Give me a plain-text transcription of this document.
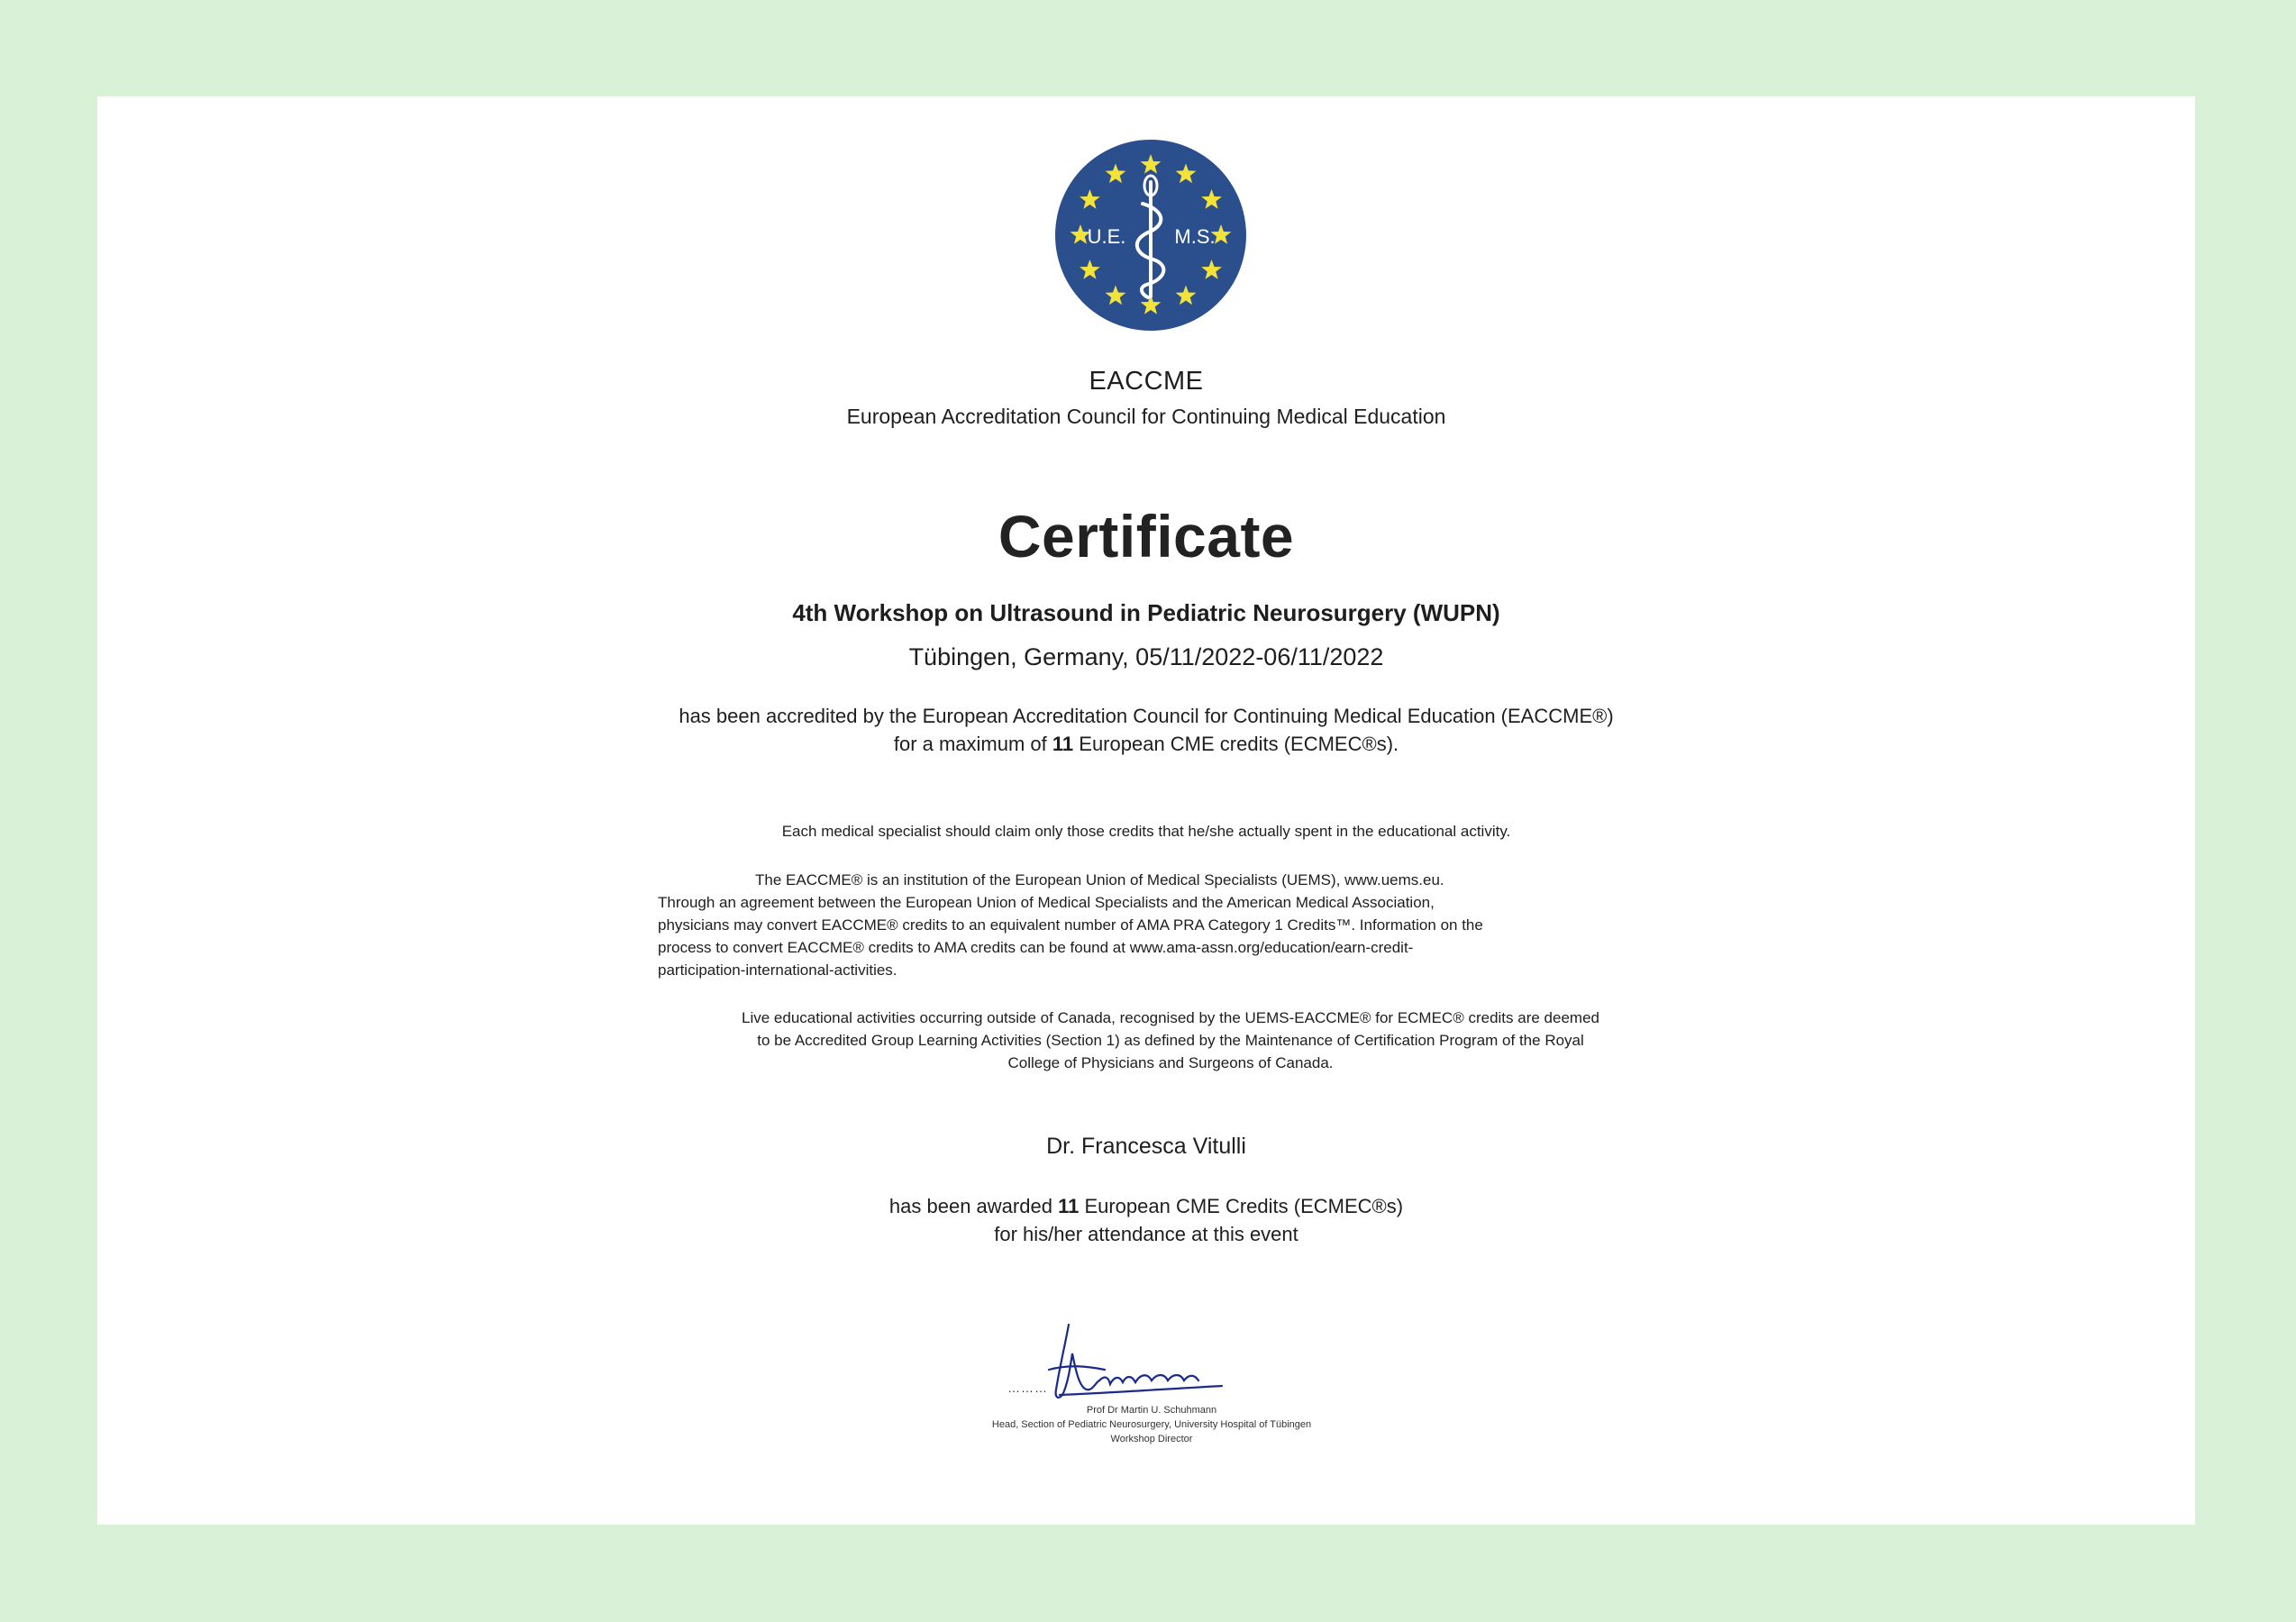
U.E. M.S.
EACCME
European Accreditation Council for Continuing Medical Education
Certificate
4th Workshop on Ultrasound in Pediatric Neurosurgery (WUPN)
Tübingen, Germany, 05/11/2022-06/11/2022
has been accredited by the European Accreditation Council for Continuing Medical Education (EACCME®)
for a maximum of 11 European CME credits (ECMEC®s).
Each medical specialist should claim only those credits that he/she actually spent in the educational activity.
The EACCME® is an institution of the European Union of Medical Specialists (UEMS), www.uems.eu.
Through an agreement between the European Union of Medical Specialists and the American Medical Association,
physicians may convert EACCME® credits to an equivalent number of AMA PRA Category 1 Credits™. Information on the
process to convert EACCME® credits to AMA credits can be found at www.ama-assn.org/education/earn-credit-
participation-international-activities.
Live educational activities occurring outside of Canada, recognised by the UEMS-EACCME® for ECMEC® credits are deemed
to be Accredited Group Learning Activities (Section 1) as defined by the Maintenance of Certification Program of the Royal
College of Physicians and Surgeons of Canada.
Dr. Francesca Vitulli
has been awarded 11 European CME Credits (ECMEC®s)
for his/her attendance at this event
………
Prof Dr Martin U. Schuhmann
Head, Section of Pediatric Neurosurgery, University Hospital of Tübingen
Workshop Director
